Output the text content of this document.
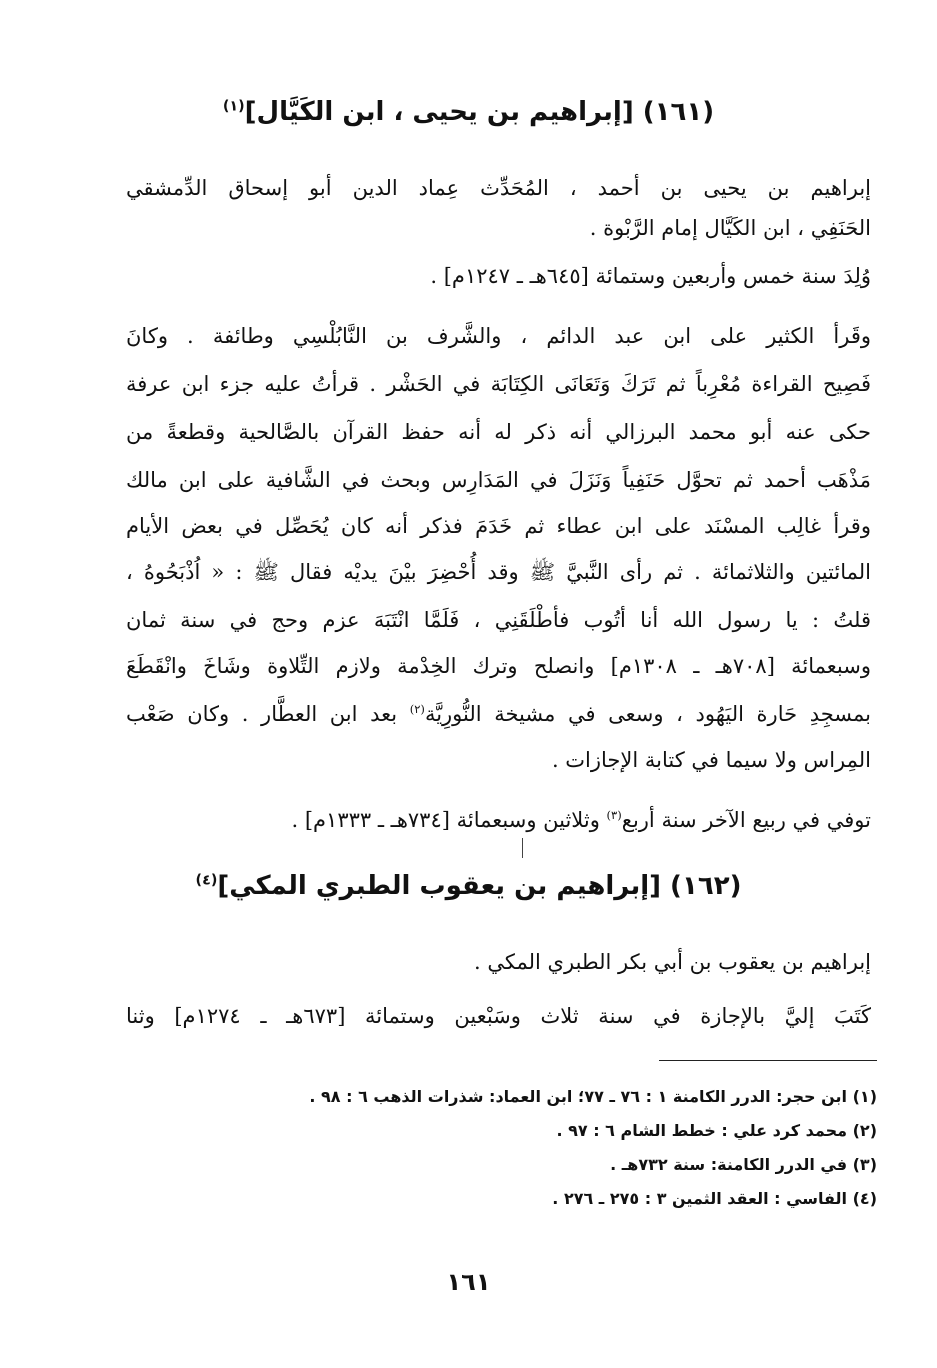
(١٦١) [إبراهيم بن يحيى ، ابن الكَيَّال]$^{(١)}$
إبراهيم بن يحيى بن أحمد ، المُحَدِّث عِماد الدين أبو إسحاق الدِّمشقي
الحَنَفِي ، ابن الكَيَّال إمام الرَّبْوة .
وُلِدَ سنة خمس وأربعين وستمائة [٦٤٥هـ ـ ١٢٤٧م] .
وقَرأ الكثير على ابن عبد الدائم ، والشَّرف بن النَّابُلْسِي وطائفة . وكانَ
فَصِيح القراءة مُعْرِباً ثم تَرَكَ وَتَعَانَى الكِتَابَة في الحَشْر . قرأتُ عليه جزء ابن عرفة
حكى عنه أبو محمد البرزالي أنه ذكر له أنه حفظ القرآن بالصَّالحية وقطعةً من
مَذْهَب أحمد ثم تحوَّل حَنَفِياً وَنَزَلَ في المَدَارِس وبحث في الشَّافية على ابن مالك
وقرأ غالِب المسْنَد على ابن عطاء ثم خَدَمَ فذكر أنه كان يُحَصِّل في بعض الأيام
المائتين والثلاثمائة . ثم رأى النَّبيَّ ﷺ وقد أُحْضِرَ بيْنَ يديْه فقال ﷺ : « اُذْبَحُوهُ ،
قلتُ : يا رسول الله أنا أتُوب فأطْلَقَنِي ، فَلَمَّا انْتَبَهَ عزم وحج في سنة ثمان
وسبعمائة [٧٠٨هـ ـ ١٣٠٨م] وانصلح وترك الخِدْمة ولازم التِّلاوة وشَاخَ وانْقَطَعَ
بمسجِدِ حَارة اليَهُود ، وسعى في مشيخة النُّورِيَّة$^{(٢)}$ بعد ابن العطَّار . وكان صَعْب
المِراس ولا سيما في كتابة الإجازات .
توفي في ربيع الآخر سنة أربع$^{(٣)}$ وثلاثين وسبعمائة [٧٣٤هـ ـ ١٣٣٣م] .
(١٦٢) [إبراهيم بن يعقوب الطبري المكي]$^{(٤)}$
إبراهيم بن يعقوب بن أبي بكر الطبري المكي .
كَتَبَ إليَّ بالإجازة في سنة ثلاث وسَبْعين وستمائة [٦٧٣هـ ـ ١٢٧٤م] وثنا
(١) ابن حجر: الدرر الكامنة ١ : ٧٦ ـ ٧٧؛ ابن العماد: شذرات الذهب ٦ : ٩٨ .
(٢) محمد كرد علي : خطط الشام ٦ : ٩٧ .
(٣) في الدرر الكامنة: سنة ٧٣٢هـ .
(٤) الفاسي : العقد الثمين ٣ : ٢٧٥ ـ ٢٧٦ .
١٦١
